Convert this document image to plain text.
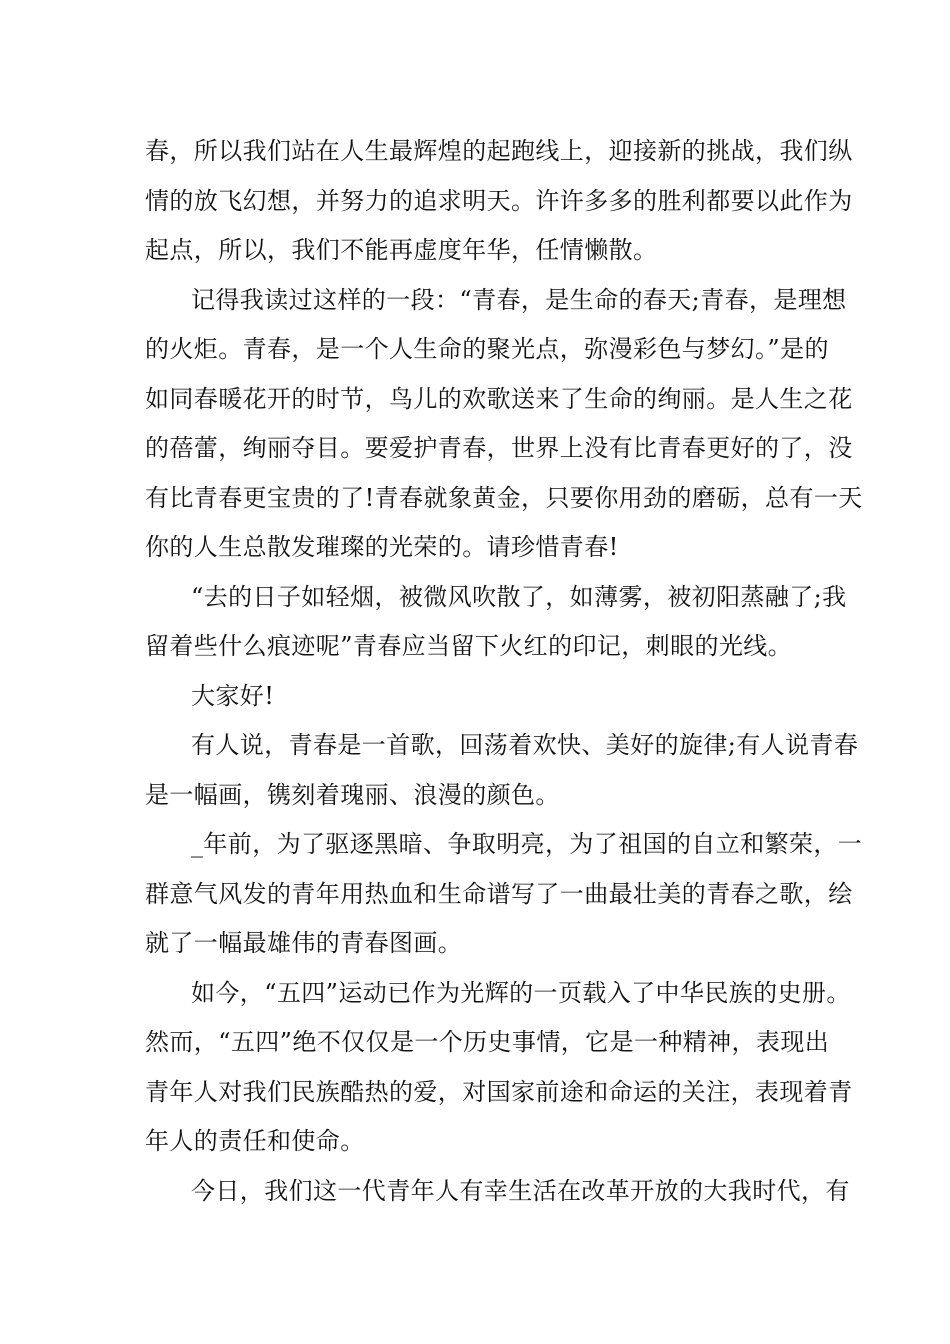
春，所以我们站在人生最辉煌的起跑线上，迎接新的挑战，我们纵
情的放飞幻想，并努力的追求明天。许许多多的胜利都要以此作为
起点，所以，我们不能再虚度年华，任情懒散。
记得我读过这样的一段：“青春，是生命的春天;青春，是理想
的火炬。青春，是一个人生命的聚光点，弥漫彩色与梦幻。”是的
如同春暖花开的时节，鸟儿的欢歌送来了生命的绚丽。是人生之花
的蓓蕾，绚丽夺目。要爱护青春，世界上没有比青春更好的了，没
有比青春更宝贵的了!青春就象黄金，只要你用劲的磨砺，总有一天
你的人生总散发璀璨的光荣的。请珍惜青春!
“去的日子如轻烟，被微风吹散了，如薄雾，被初阳蒸融了;我
留着些什么痕迹呢”青春应当留下火红的印记，刺眼的光线。
大家好!
有人说，青春是一首歌，回荡着欢快、美好的旋律;有人说青春
是一幅画，镌刻着瑰丽、浪漫的颜色。
_年前，为了驱逐黑暗、争取明亮，为了祖国的自立和繁荣，一
群意气风发的青年用热血和生命谱写了一曲最壮美的青春之歌，绘
就了一幅最雄伟的青春图画。
如今，“五四”运动已作为光辉的一页载入了中华民族的史册。
然而，“五四”绝不仅仅是一个历史事情，它是一种精神，表现出
青年人对我们民族酷热的爱，对国家前途和命运的关注，表现着青
年人的责任和使命。
今日，我们这一代青年人有幸生活在改革开放的大我时代，有
